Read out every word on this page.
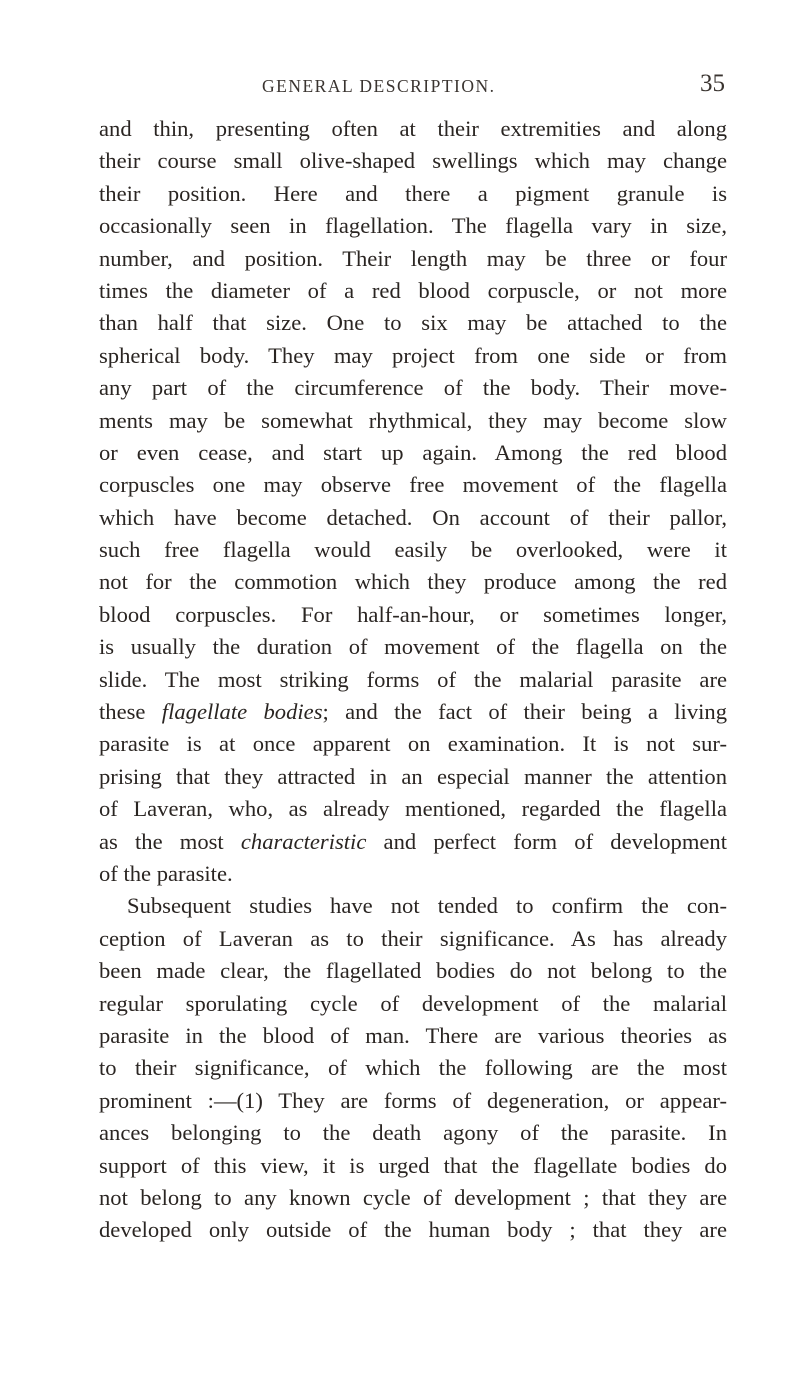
GENERAL DESCRIPTION.	35
and thin, presenting often at their extremities and along
their course small olive-shaped swellings which may change
their position. Here and there a pigment granule is
occasionally seen in flagellation. The flagella vary in size,
number, and position. Their length may be three or four
times the diameter of a red blood corpuscle, or not more
than half that size. One to six may be attached to the
spherical body. They may project from one side or from
any part of the circumference of the body. Their move-
ments may be somewhat rhythmical, they may become slow
or even cease, and start up again. Among the red blood
corpuscles one may observe free movement of the flagella
which have become detached. On account of their pallor,
such free flagella would easily be overlooked, were it
not for the commotion which they produce among the red
blood corpuscles. For half-an-hour, or sometimes longer,
is usually the duration of movement of the flagella on the
slide. The most striking forms of the malarial parasite are
these flagellate bodies; and the fact of their being a living
parasite is at once apparent on examination. It is not sur-
prising that they attracted in an especial manner the attention
of Laveran, who, as already mentioned, regarded the flagella
as the most characteristic and perfect form of development
of the parasite.
Subsequent studies have not tended to confirm the con-
ception of Laveran as to their significance. As has already
been made clear, the flagellated bodies do not belong to the
regular sporulating cycle of development of the malarial
parasite in the blood of man. There are various theories as
to their significance, of which the following are the most
prominent :—(1) They are forms of degeneration, or appear-
ances belonging to the death agony of the parasite. In
support of this view, it is urged that the flagellate bodies do
not belong to any known cycle of development ; that they are
developed only outside of the human body ; that they are
